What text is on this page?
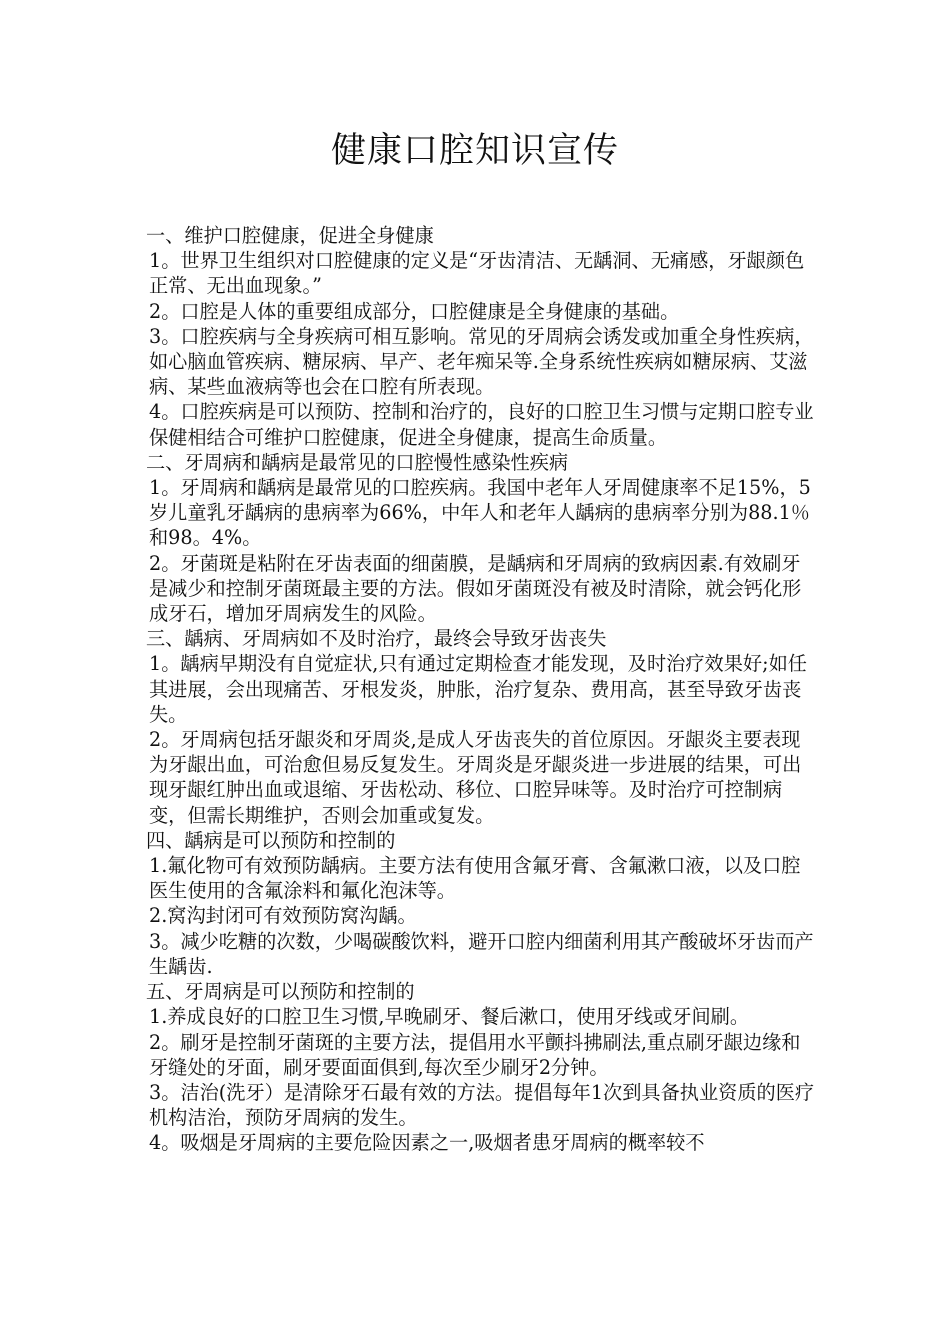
健康口腔知识宣传

一、维护口腔健康，促进全身健康

1。世界卫生组织对口腔健康的定义是“牙齿清洁、无龋洞、无痛感，牙龈颜色正常、无出血现象。”

2。口腔是人体的重要组成部分，口腔健康是全身健康的基础。

3。口腔疾病与全身疾病可相互影响。常见的牙周病会诱发或加重全身性疾病，如心脑血管疾病、糖尿病、早产、老年痴呆等.全身系统性疾病如糖尿病、艾滋病、某些血液病等也会在口腔有所表现。

4。口腔疾病是可以预防、控制和治疗的，良好的口腔卫生习惯与定期口腔专业保健相结合可维护口腔健康，促进全身健康，提高生命质量。

二、牙周病和龋病是最常见的口腔慢性感染性疾病

1。牙周病和龋病是最常见的口腔疾病。我国中老年人牙周健康率不足15%，5岁儿童乳牙龋病的患病率为66%，中年人和老年人龋病的患病率分别为88.1％和98。4%。

2。牙菌斑是粘附在牙齿表面的细菌膜，是龋病和牙周病的致病因素.有效刷牙是减少和控制牙菌斑最主要的方法。假如牙菌斑没有被及时清除，就会钙化形成牙石，增加牙周病发生的风险。

三、龋病、牙周病如不及时治疗，最终会导致牙齿丧失

1。龋病早期没有自觉症状,只有通过定期检查才能发现，及时治疗效果好;如任其进展，会出现痛苦、牙根发炎，肿胀，治疗复杂、费用高，甚至导致牙齿丧失。

2。牙周病包括牙龈炎和牙周炎,是成人牙齿丧失的首位原因。牙龈炎主要表现为牙龈出血，可治愈但易反复发生。牙周炎是牙龈炎进一步进展的结果，可出现牙龈红肿出血或退缩、牙齿松动、移位、口腔异味等。及时治疗可控制病变，但需长期维护，否则会加重或复发。

四、龋病是可以预防和控制的

1.氟化物可有效预防龋病。主要方法有使用含氟牙膏、含氟漱口液，以及口腔医生使用的含氟涂料和氟化泡沫等。

2.窝沟封闭可有效预防窝沟龋。

3。减少吃糖的次数，少喝碳酸饮料，避开口腔内细菌利用其产酸破坏牙齿而产生龋齿.

五、牙周病是可以预防和控制的

1.养成良好的口腔卫生习惯,早晚刷牙、餐后漱口，使用牙线或牙间刷。

2。刷牙是控制牙菌斑的主要方法，提倡用水平颤抖拂刷法,重点刷牙龈边缘和牙缝处的牙面，刷牙要面面俱到,每次至少刷牙2分钟。

3。洁治(洗牙）是清除牙石最有效的方法。提倡每年1次到具备执业资质的医疗机构洁治，预防牙周病的发生。

4。吸烟是牙周病的主要危险因素之一,吸烟者患牙周病的概率较不
